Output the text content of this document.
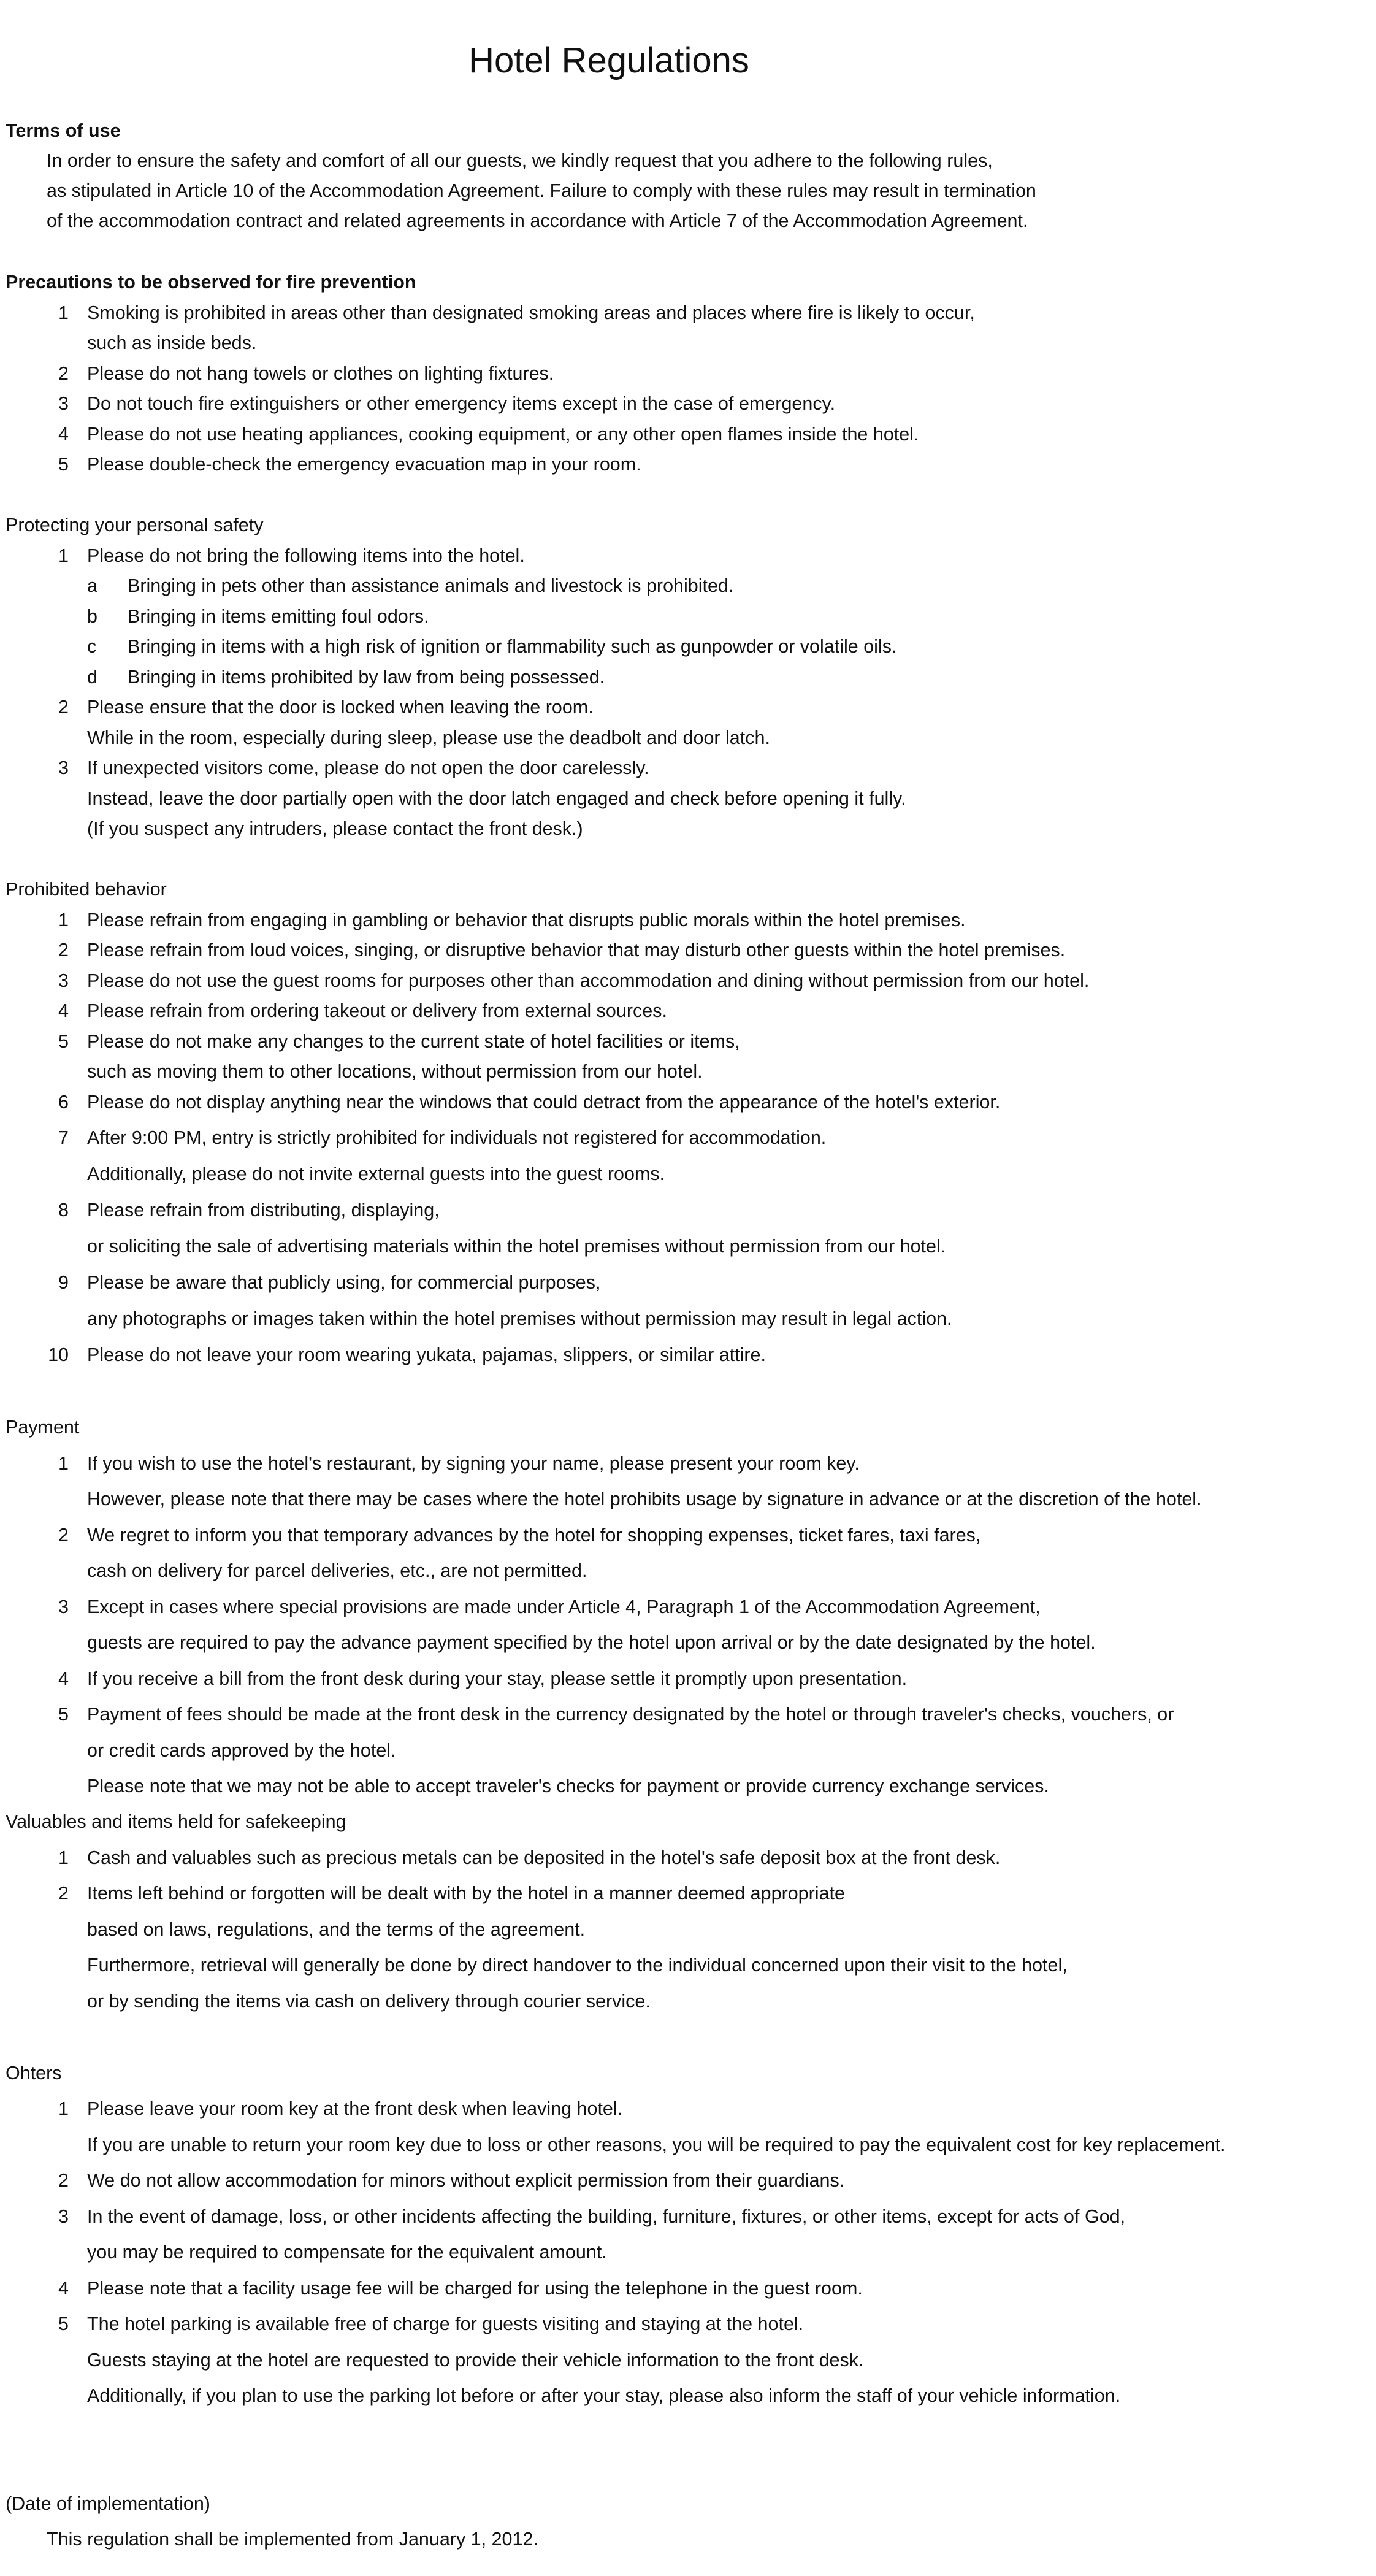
Hotel Regulations
Terms of use
In order to ensure the safety and comfort of all our guests, we kindly request that you adhere to the following rules,
as stipulated in Article 10 of the Accommodation Agreement. Failure to comply with these rules may result in termination
of the accommodation contract and related agreements in accordance with Article 7 of the Accommodation Agreement.
Precautions to be observed for fire prevention
1 Smoking is prohibited in areas other than designated smoking areas and places where fire is likely to occur,
such as inside beds.
2 Please do not hang towels or clothes on lighting fixtures.
3 Do not touch fire extinguishers or other emergency items except in the case of emergency.
4 Please do not use heating appliances, cooking equipment, or any other open flames inside the hotel.
5 Please double-check the emergency evacuation map in your room.
Protecting your personal safety
1 Please do not bring the following items into the hotel.
a Bringing in pets other than assistance animals and livestock is prohibited.
b Bringing in items emitting foul odors.
c Bringing in items with a high risk of ignition or flammability such as gunpowder or volatile oils.
d Bringing in items prohibited by law from being possessed.
2 Please ensure that the door is locked when leaving the room.
While in the room, especially during sleep, please use the deadbolt and door latch.
3 If unexpected visitors come, please do not open the door carelessly.
Instead, leave the door partially open with the door latch engaged and check before opening it fully.
(If you suspect any intruders, please contact the front desk.)
Prohibited behavior
1 Please refrain from engaging in gambling or behavior that disrupts public morals within the hotel premises.
2 Please refrain from loud voices, singing, or disruptive behavior that may disturb other guests within the hotel premises.
3 Please do not use the guest rooms for purposes other than accommodation and dining without permission from our hotel.
4 Please refrain from ordering takeout or delivery from external sources.
5 Please do not make any changes to the current state of hotel facilities or items,
such as moving them to other locations, without permission from our hotel.
6 Please do not display anything near the windows that could detract from the appearance of the hotel's exterior.
7 After 9:00 PM, entry is strictly prohibited for individuals not registered for accommodation.
Additionally, please do not invite external guests into the guest rooms.
8 Please refrain from distributing, displaying,
or soliciting the sale of advertising materials within the hotel premises without permission from our hotel.
9 Please be aware that publicly using, for commercial purposes,
any photographs or images taken within the hotel premises without permission may result in legal action.
10 Please do not leave your room wearing yukata, pajamas, slippers, or similar attire.
Payment
1 If you wish to use the hotel's restaurant, by signing your name, please present your room key.
However, please note that there may be cases where the hotel prohibits usage by signature in advance or at the discretion of the hotel.
2 We regret to inform you that temporary advances by the hotel for shopping expenses, ticket fares, taxi fares,
cash on delivery for parcel deliveries, etc., are not permitted.
3 Except in cases where special provisions are made under Article 4, Paragraph 1 of the Accommodation Agreement,
guests are required to pay the advance payment specified by the hotel upon arrival or by the date designated by the hotel.
4 If you receive a bill from the front desk during your stay, please settle it promptly upon presentation.
5 Payment of fees should be made at the front desk in the currency designated by the hotel or through traveler's checks, vouchers, or
or credit cards approved by the hotel.
Please note that we may not be able to accept traveler's checks for payment or provide currency exchange services.
Valuables and items held for safekeeping
1 Cash and valuables such as precious metals can be deposited in the hotel's safe deposit box at the front desk.
2 Items left behind or forgotten will be dealt with by the hotel in a manner deemed appropriate
based on laws, regulations, and the terms of the agreement.
Furthermore, retrieval will generally be done by direct handover to the individual concerned upon their visit to the hotel,
or by sending the items via cash on delivery through courier service.
Ohters
1 Please leave your room key at the front desk when leaving hotel.
If you are unable to return your room key due to loss or other reasons, you will be required to pay the equivalent cost for key replacement.
2 We do not allow accommodation for minors without explicit permission from their guardians.
3 In the event of damage, loss, or other incidents affecting the building, furniture, fixtures, or other items, except for acts of God,
you may be required to compensate for the equivalent amount.
4 Please note that a facility usage fee will be charged for using the telephone in the guest room.
5 The hotel parking is available free of charge for guests visiting and staying at the hotel.
Guests staying at the hotel are requested to provide their vehicle information to the front desk.
Additionally, if you plan to use the parking lot before or after your stay, please also inform the staff of your vehicle information.
(Date of implementation)
This regulation shall be implemented from January 1, 2012.
